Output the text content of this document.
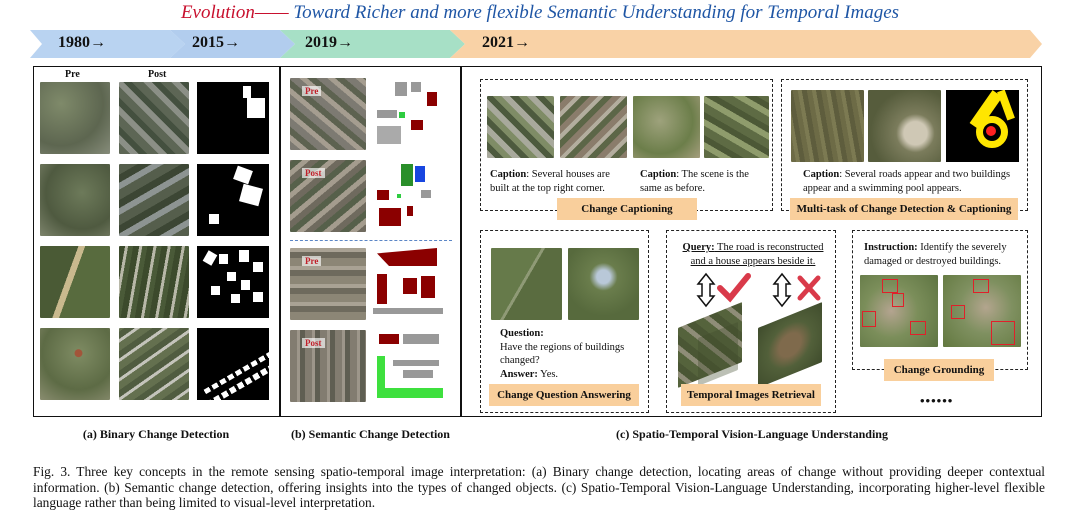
Evolution—— Toward Richer and more flexible Semantic Understanding for Temporal Images
1980→	2015→	2019→	2021→
Pre	Post
Pre
Post
Pre
Post
Caption: Several houses are built at the top right corner.
Caption: The scene is the same as before.
Change Captioning
Caption: Several roads appear and two buildings appear and a swimming pool appears.
Multi-task of Change Detection & Captioning
Question:
Have the regions of buildings changed?
Answer: Yes.
Change Question Answering
Query: The road is reconstructed and a house appears beside it.
Temporal Images Retrieval
Instruction: Identify the severely damaged or destroyed buildings.
Change Grounding
••••••
(a) Binary Change Detection	(b) Semantic Change Detection	(c) Spatio-Temporal Vision-Language Understanding
Fig. 3. Three key concepts in the remote sensing spatio-temporal image interpretation: (a) Binary change detection, locating areas of change without providing deeper contextual information. (b) Semantic change detection, offering insights into the types of changed objects. (c) Spatio-Temporal Vision-Language Understanding, incorporating higher-level flexible language rather than being limited to visual-level interpretation.
